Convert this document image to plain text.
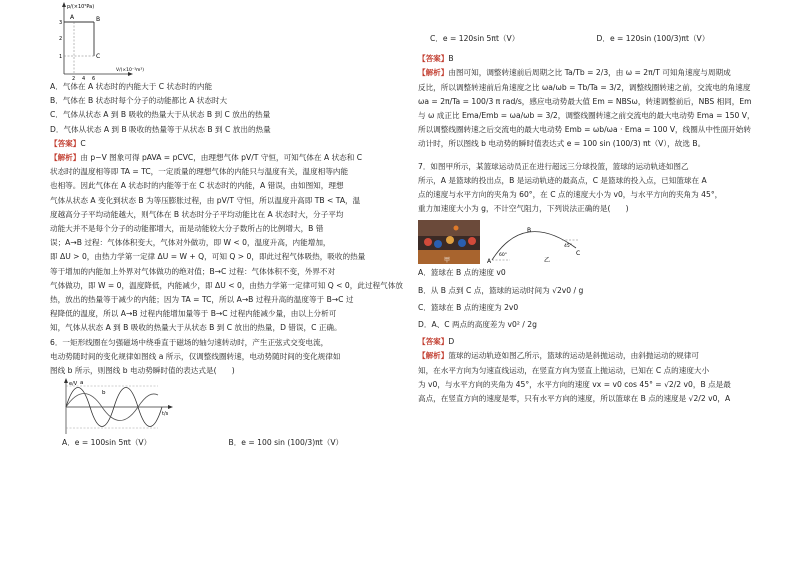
p/(×10⁵Pa)
V/(×10⁻³m³)
A	B
C
2 4 6
1
2
3
A．气体在 A 状态时的内能大于 C 状态时的内能
B．气体在 B 状态时每个分子的动能都比 A 状态时大
C．气体从状态 A 到 B 吸收的热量大于从状态 B 到 C 放出的热量
D．气体从状态 A 到 B 吸收的热量等于从状态 B 到 C 放出的热量
【答案】C
【解析】由 p−V 图象可得 pAVA = pCVC，由理想气体 pV/T 守恒，可知气体在 A 状态和 C
状态时的温度相等即 TA = TC，一定质量的理想气体的内能只与温度有关，温度相等内能
也相等。因此气体在 A 状态时的内能等于在 C 状态时的内能，A 错误，由如图知，理想
气体从状态 A 变化到状态 B 为等压膨胀过程，由 pV/T 守恒，所以温度升高即 TB < TA，温
度越高分子平均动能越大，则气体在 B 状态时分子平均动能比在 A 状态时大，分子平均
动能大并不是每个分子的动能都增大，而是动能较大分子数所占的比例增大，B 错
误；A→B 过程：气体体积变大，气体对外做功，即 W < 0，温度升高，内能增加，
即 ΔU > 0，由热力学第一定律 ΔU = W + Q，可知 Q > 0，即此过程气体吸热，吸收的热量
等于增加的内能加上外界对气体做功的绝对值；B→C 过程：气体体积不变，外界不对
气体做功，即 W = 0，温度降低，内能减少，即 ΔU < 0，由热力学第一定律可知 Q < 0，此过程气体放
热，放出的热量等于减少的内能；因为 TA = TC，所以 A→B 过程升高的温度等于 B→C 过
程降低的温度，所以 A→B 过程内能增加量等于 B→C 过程内能减少量，由以上分析可
知，气体从状态 A 到 B 吸收的热量大于从状态 B 到 C 放出的热量，D 错误，C 正确。
6．一矩形线圈在匀强磁场中绕垂直于磁场的轴匀速转动时，产生正弦式交变电流，
电动势随时间的变化规律如图线 a 所示，仅调整线圈转速，电动势随时间的变化规律如
图线 b 所示，则图线 b 电动势瞬时值的表达式是(　　)
e/V
t/s
a
b
A．e = 100sin 5πt（V）	B．e = 100 sin (100/3)πt（V）
C．e = 120sin 5πt（V）	D．e = 120sin (100/3)πt（V）
【答案】B
【解析】由图可知，调整转速前后周期之比 Ta/Tb = 2/3，由 ω = 2π/T 可知角速度与周期成
反比，所以调整转速前后角速度之比 ωa/ωb = Tb/Ta = 3/2，调整线圈转速之前，交流电的角速度
ωa = 2π/Ta = 100/3 π rad/s，感应电动势最大值 Em = NBSω，转速调整前后，NBS 相同，Em
与 ω 成正比 Ema/Emb = ωa/ωb = 3/2，调整线圈转速之前交流电的最大电动势 Ema = 150 V，
所以调整线圈转速之后交流电的最大电动势 Emb = ωb/ωa · Ema = 100 V，线圈从中性面开始转
动计时，所以图线 b 电动势的瞬时值表达式 e = 100 sin (100/3) πt（V），故选 B。
7．如图甲所示，某篮球运动员正在进行超远三分球投篮，篮球的运动轨迹如图乙
所示，A 是篮球的投出点，B 是运动轨迹的最高点，C 是篮球的投入点，已知篮球在 A
点的速度与水平方向的夹角为 60°，在 C 点的速度大小为 v0，与水平方向的夹角为 45°，
重力加速度大小为 g，不计空气阻力，下列说法正确的是(　　)
甲	A
B
C
60°
45°
乙
A．篮球在 B 点的速度 v0
B．从 B 点到 C 点，篮球的运动时间为 √2v0 / g
C．篮球在 B 点的速度为 2v0
D．A、C 两点的高度差为 v0² / 2g
【答案】D
【解析】篮球的运动轨迹如图乙所示，篮球的运动是斜抛运动，由斜抛运动的规律可
知，在水平方向为匀速直线运动，在竖直方向为竖直上抛运动，已知在 C 点的速度大小
为 v0，与水平方向的夹角为 45°，水平方向的速度 vx = v0 cos 45° = √2/2 v0，B 点是最
高点，在竖直方向的速度是零，只有水平方向的速度，所以篮球在 B 点的速度是 √2/2 v0，A
